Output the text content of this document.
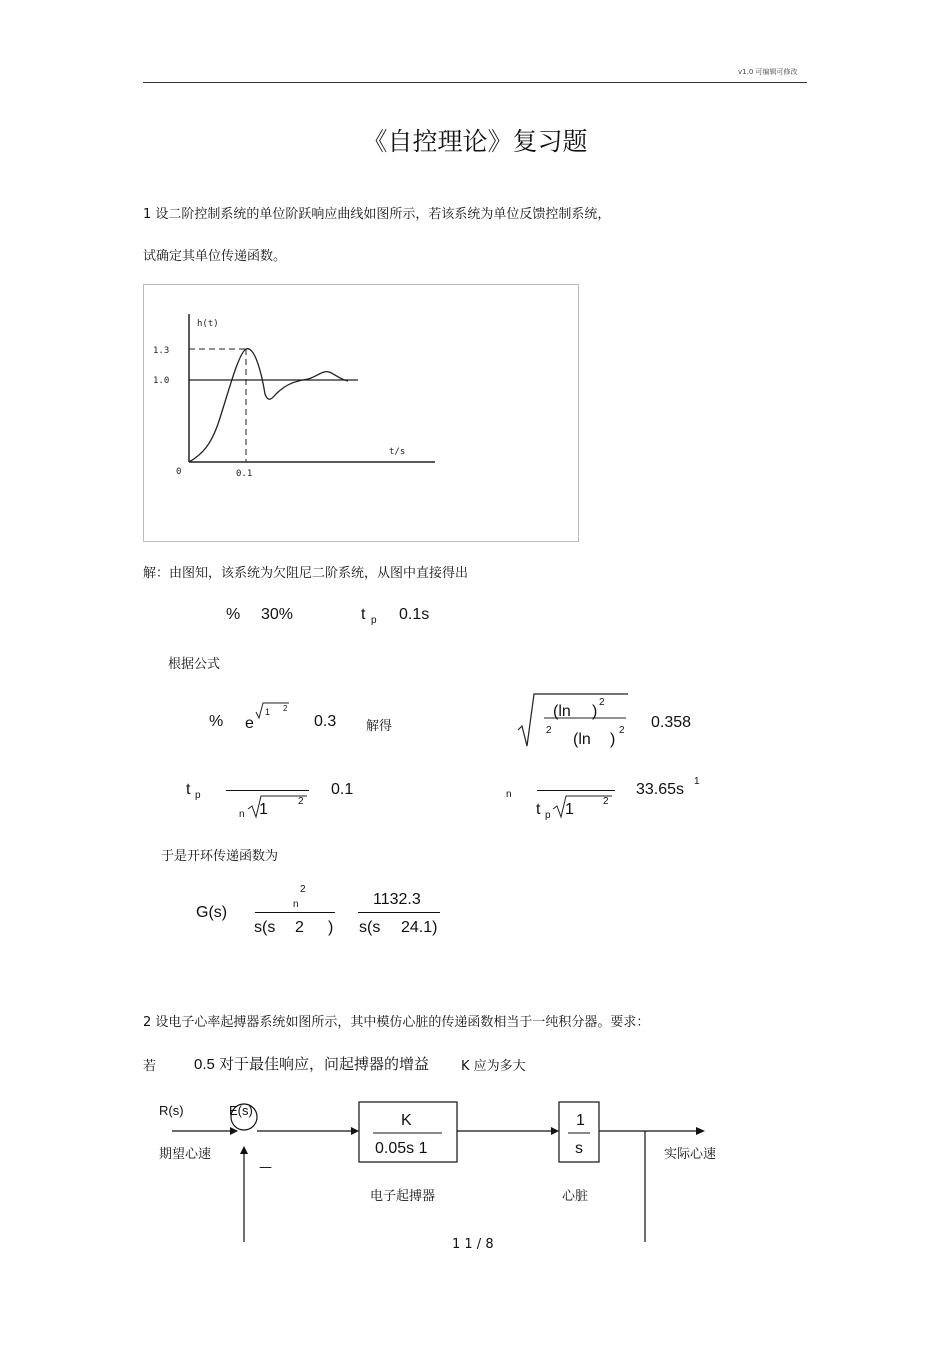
v1.0 可编辑可修改
《自控理论》复习题
1 设二阶控制系统的单位阶跃响应曲线如图所示，若该系统为单位反馈控制系统，
试确定其单位传递函数。
h(t)
1.3
1.0
0	0.1
t/s
解：由图知，该系统为欠阻尼二阶系统，从图中直接得出
% 30%	t p 0.1s
根据公式
% e
1 2
0.3 解得
(ln )
2
2
(ln )
2 0.358
t p
n 1	2
0.1	n
t p 1	2
33.65s 1
于是开环传递函数为
G(s)
2
n
s(s 2 )
1132.3
s(s 24.1)
2 设电子心率起搏器系统如图所示，其中模仿心脏的传递函数相当于一纯积分器。要求：
若	0.5 对于最佳响应，问起搏器的增益 K 应为多大
R(s)	E(s)
期望心速
—
K
0.05s 1
电子起搏器
1
s
心脏
实际心速
1 1 / 8
